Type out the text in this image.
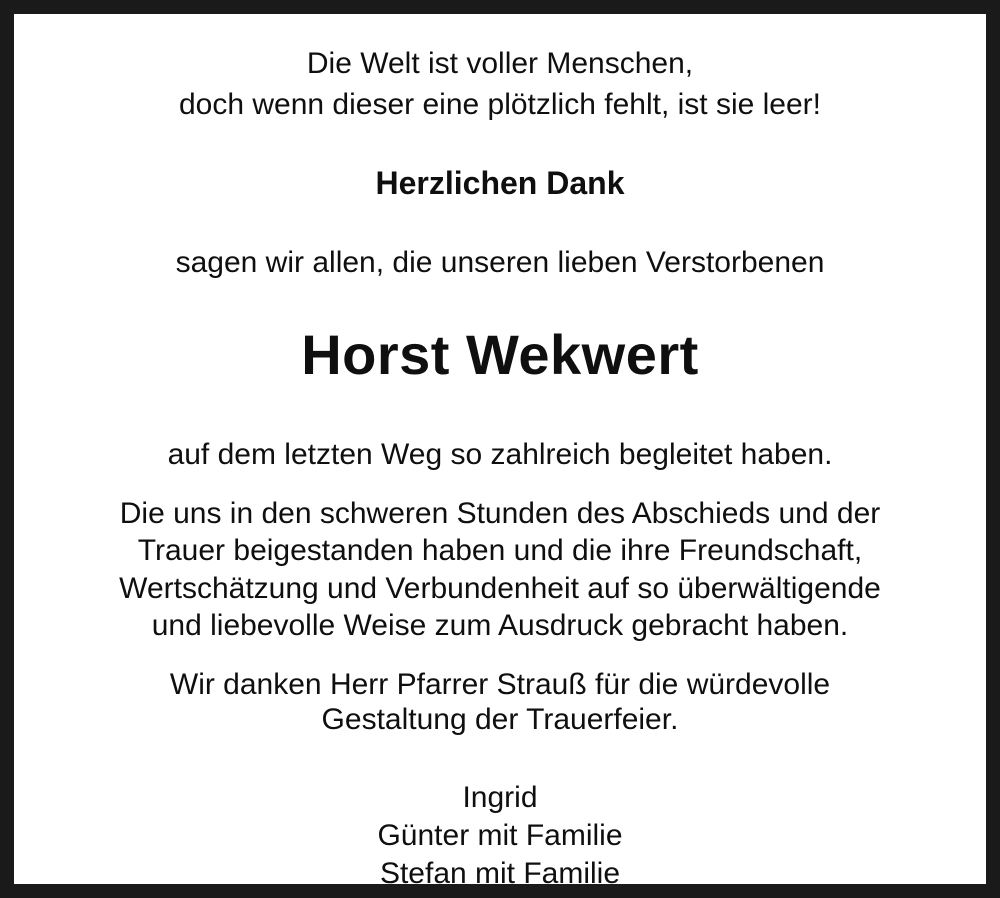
Die Welt ist voller Menschen,
doch wenn dieser eine plötzlich fehlt, ist sie leer!
Herzlichen Dank
sagen wir allen, die unseren lieben Verstorbenen
Horst Wekwert
auf dem letzten Weg so zahlreich begleitet haben.
Die uns in den schweren Stunden des Abschieds und der
Trauer beigestanden haben und die ihre Freundschaft,
Wertschätzung und Verbundenheit auf so überwältigende
und liebevolle Weise zum Ausdruck gebracht haben.
Wir danken Herr Pfarrer Strauß für die würdevolle
Gestaltung der Trauerfeier.
Ingrid
Günter mit Familie
Stefan mit Familie
